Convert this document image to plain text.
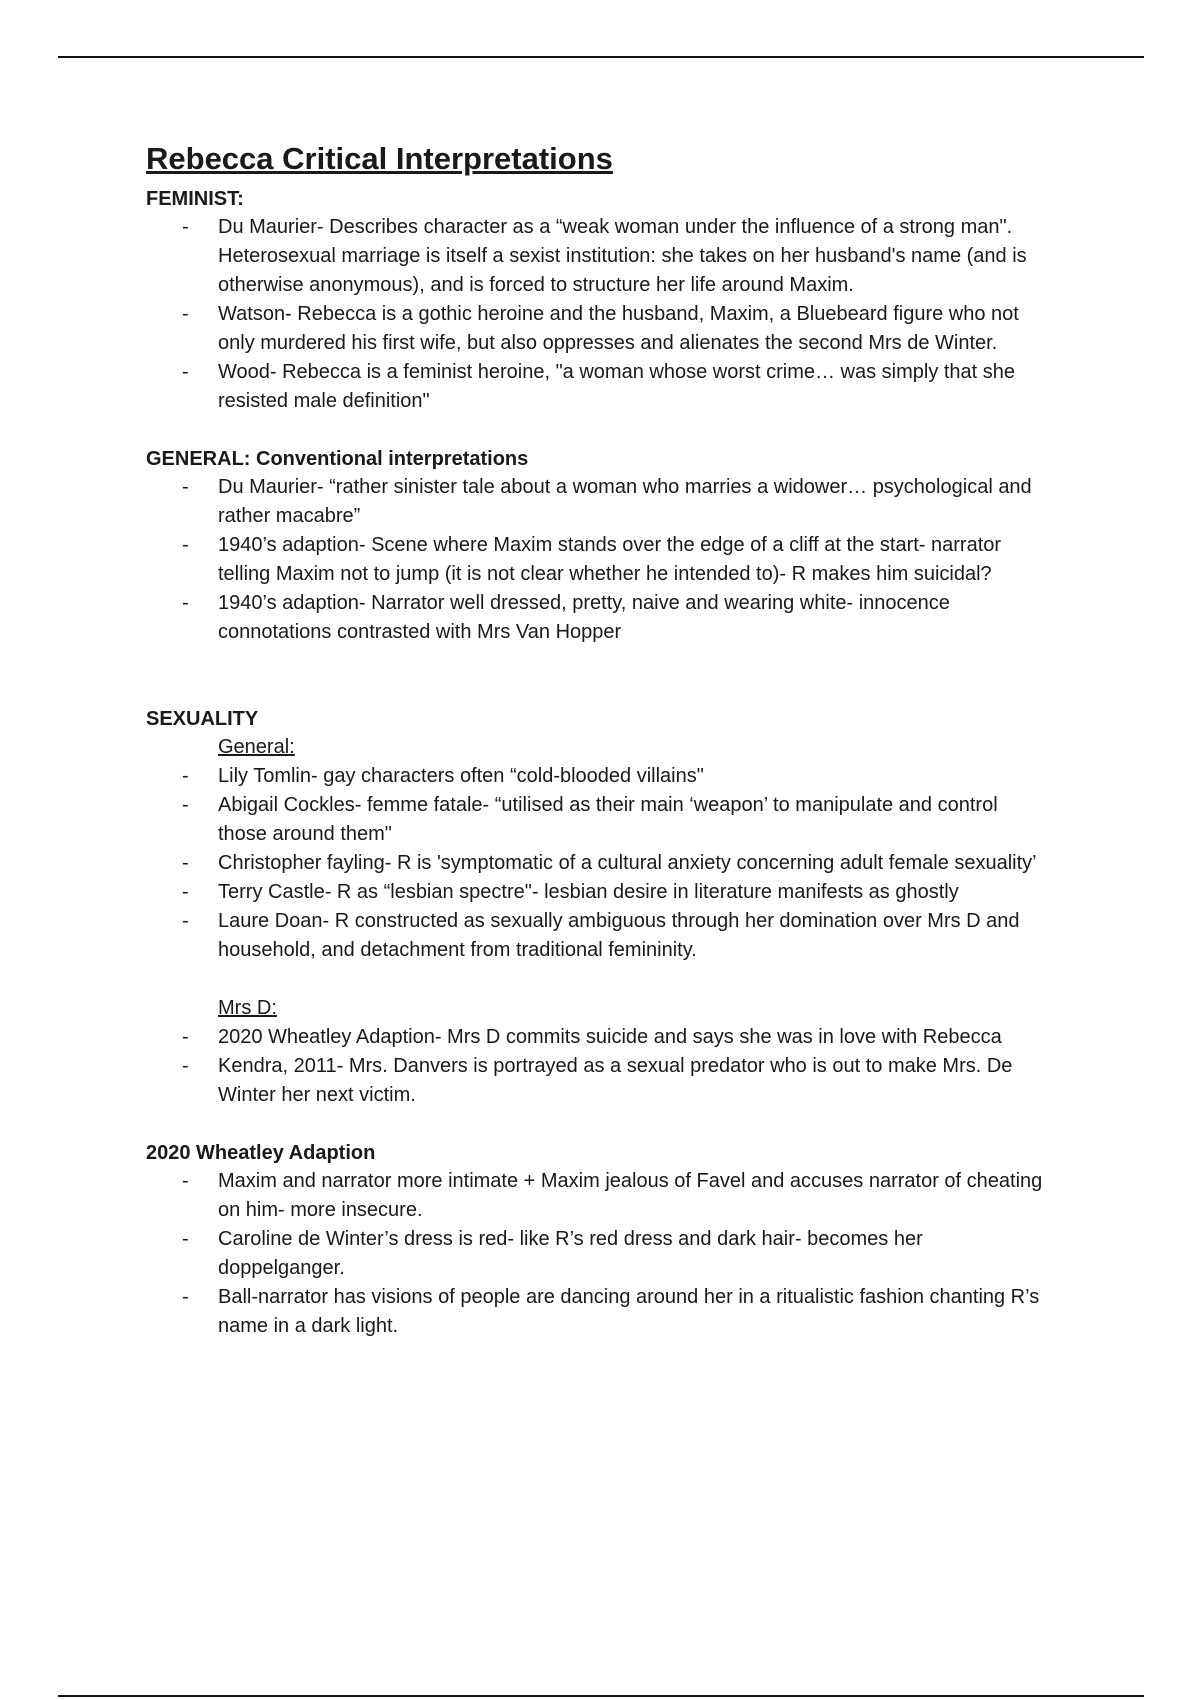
Rebecca Critical Interpretations
FEMINIST:
- Du Maurier- Describes character as a “weak woman under the influence of a strong man". Heterosexual marriage is itself a sexist institution: she takes on her husband's name (and is otherwise anonymous), and is forced to structure her life around Maxim.
- Watson- Rebecca is a gothic heroine and the husband, Maxim, a Bluebeard figure who not only murdered his first wife, but also oppresses and alienates the second Mrs de Winter.
- Wood- Rebecca is a feminist heroine, "a woman whose worst crime… was simply that she resisted male definition"
GENERAL: Conventional interpretations
- Du Maurier- “rather sinister tale about a woman who marries a widower… psychological and rather macabre”
- 1940’s adaption- Scene where Maxim stands over the edge of a cliff at the start- narrator telling Maxim not to jump (it is not clear whether he intended to)- R makes him suicidal?
- 1940’s adaption- Narrator well dressed, pretty, naive and wearing white- innocence connotations contrasted with Mrs Van Hopper
SEXUALITY
General:
- Lily Tomlin- gay characters often “cold-blooded villains"
- Abigail Cockles- femme fatale- “utilised as their main ‘weapon’ to manipulate and control those around them"
- Christopher fayling- R is 'symptomatic of a cultural anxiety concerning adult female sexuality’
- Terry Castle- R as “lesbian spectre"- lesbian desire in literature manifests as ghostly
- Laure Doan- R constructed as sexually ambiguous through her domination over Mrs D and household, and detachment from traditional femininity.
Mrs D:
- 2020 Wheatley Adaption- Mrs D commits suicide and says she was in love with Rebecca
- Kendra, 2011- Mrs. Danvers is portrayed as a sexual predator who is out to make Mrs. De Winter her next victim.
2020 Wheatley Adaption
- Maxim and narrator more intimate + Maxim jealous of Favel and accuses narrator of cheating on him- more insecure.
- Caroline de Winter’s dress is red- like R’s red dress and dark hair- becomes her doppelganger.
- Ball-narrator has visions of people are dancing around her in a ritualistic fashion chanting R’s name in a dark light.
